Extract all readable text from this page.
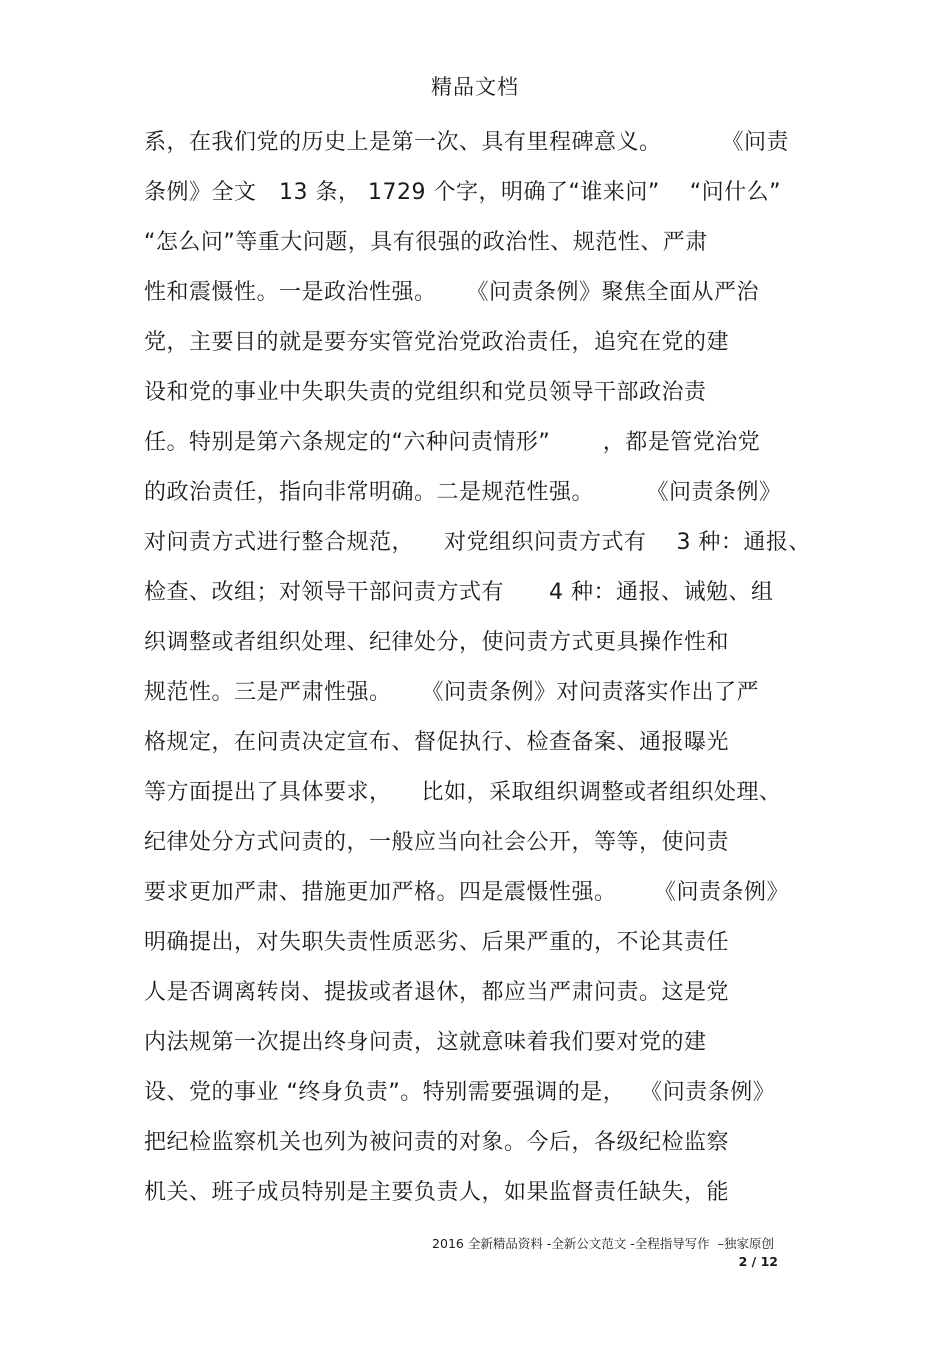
精品文档
系，在我们党的历史上是第一次、具有里程碑意义。        《问责
条例》全文   13 条， 1729 个字，明确了“谁来问”    “问什么”
“怎么问”等重大问题，具有很强的政治性、规范性、严肃
性和震慑性。一是政治性强。    《问责条例》聚焦全面从严治
党，主要目的就是要夯实管党治党政治责任，追究在党的建
设和党的事业中失职失责的党组织和党员领导干部政治责
任。特别是第六条规定的“六种问责情形”       ，都是管党治党
的政治责任，指向非常明确。二是规范性强。       《问责条例》
对问责方式进行整合规范，    对党组织问责方式有    3 种：通报、
检查、改组；对领导干部问责方式有      4 种：通报、诫勉、组
织调整或者组织处理、纪律处分，使问责方式更具操作性和
规范性。三是严肃性强。    《问责条例》对问责落实作出了严
格规定，在问责决定宣布、督促执行、检查备案、通报曝光
等方面提出了具体要求，    比如，采取组织调整或者组织处理、
纪律处分方式问责的，一般应当向社会公开，等等，使问责
要求更加严肃、措施更加严格。四是震慑性强。     《问责条例》
明确提出，对失职失责性质恶劣、后果严重的，不论其责任
人是否调离转岗、提拔或者退休，都应当严肃问责。这是党
内法规第一次提出终身问责，这就意味着我们要对党的建
设、党的事业 “终身负责”。特别需要强调的是，  《问责条例》
把纪检监察机关也列为被问责的对象。今后，各级纪检监察
机关、班子成员特别是主要负责人，如果监督责任缺失，能
2016 全新精品资料 -全新公文范文 -全程指导写作  –独家原创
2 / 12
